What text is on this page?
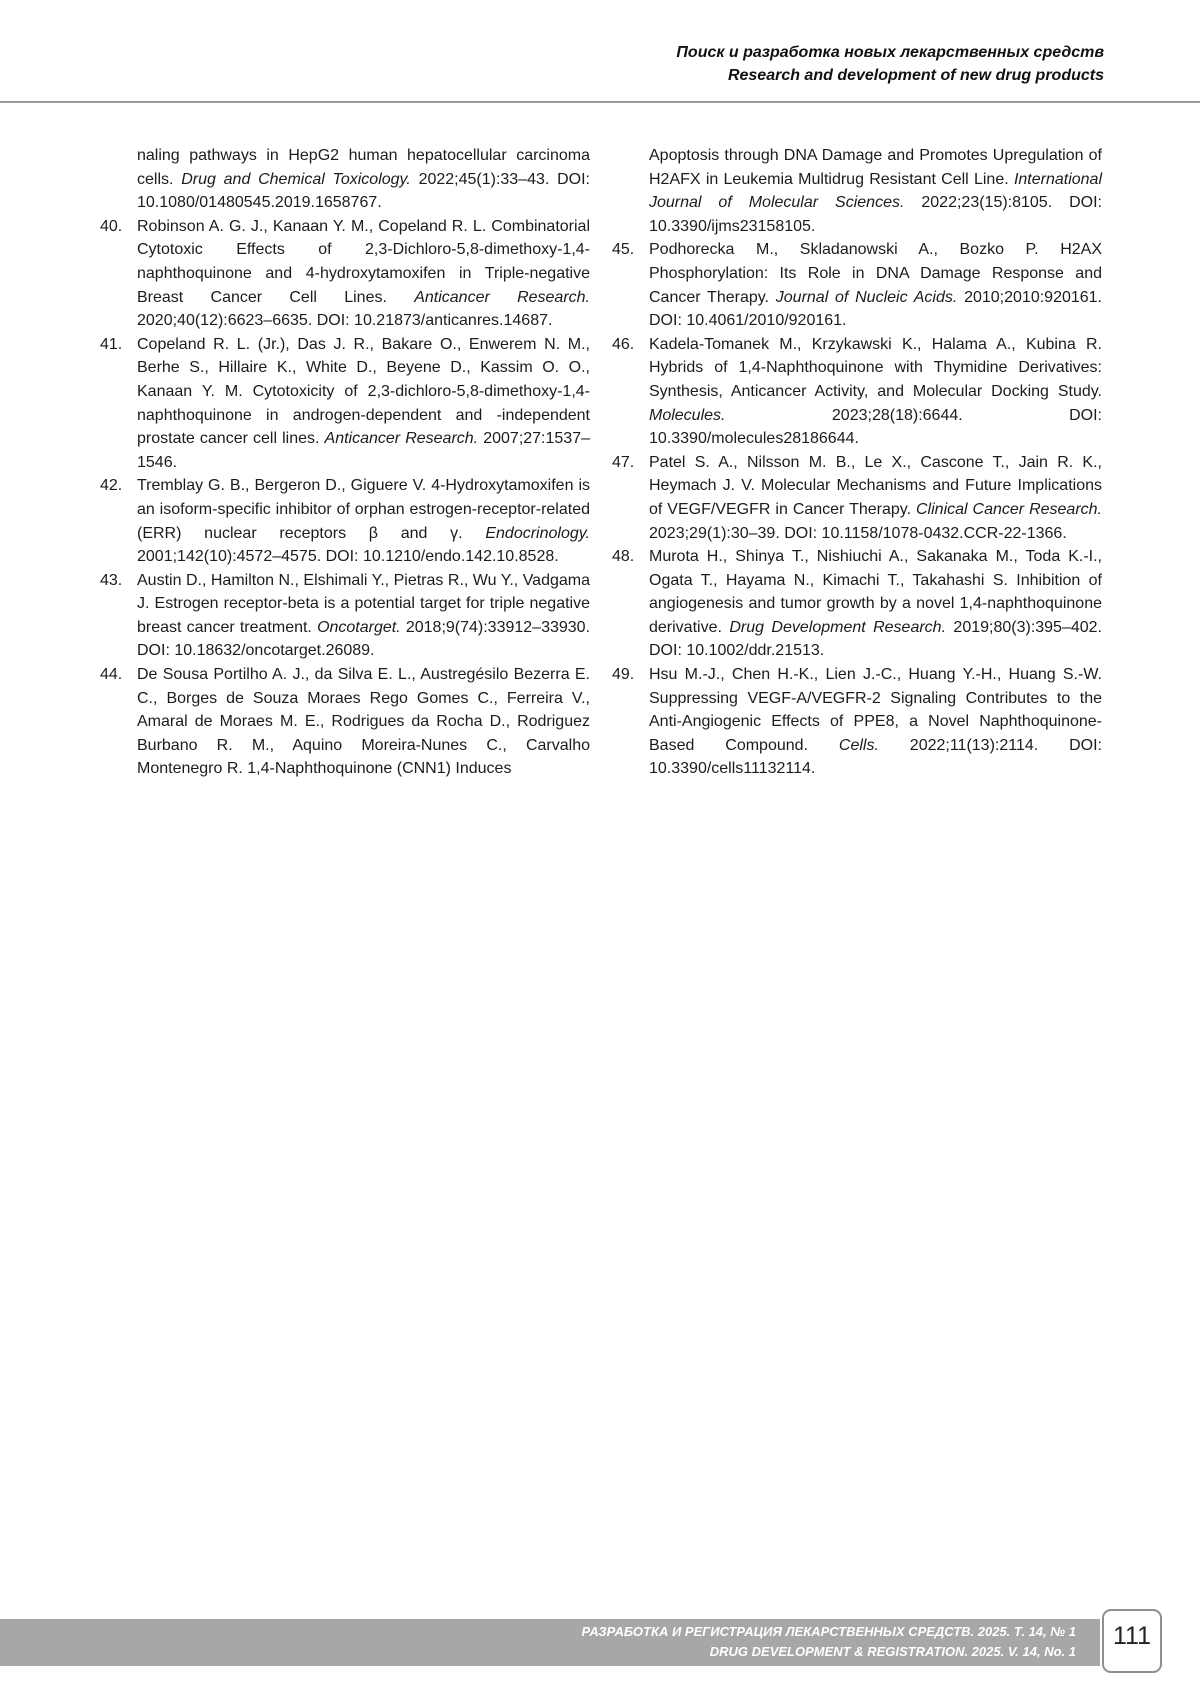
Поиск и разработка новых лекарственных средств
Research and development of new drug products
naling pathways in HepG2 human hepatocellular carcinoma cells. Drug and Chemical Toxicology. 2022;45(1):33–43. DOI: 10.1080/01480545.2019.1658767.
40. Robinson A. G. J., Kanaan Y. M., Copeland R. L. Combinatorial Cytotoxic Effects of 2,3-Dichloro-5,8-dimethoxy-1,4-naphthoquinone and 4-hydroxytamoxifen in Triple-negative Breast Cancer Cell Lines. Anticancer Research. 2020;40(12):6623–6635. DOI: 10.21873/anticanres.14687.
41. Copeland R. L. (Jr.), Das J. R., Bakare O., Enwerem N. M., Berhe S., Hillaire K., White D., Beyene D., Kassim O. O., Kanaan Y. M. Cytotoxicity of 2,3-dichloro-5,8-dimethoxy-1,4-naphthoquinone in androgen-dependent and -independent prostate cancer cell lines. Anticancer Research. 2007;27:1537–1546.
42. Tremblay G. B., Bergeron D., Giguere V. 4-Hydroxytamoxifen is an isoform-specific inhibitor of orphan estrogen-receptor-related (ERR) nuclear receptors β and γ. Endocrinology. 2001;142(10):4572–4575. DOI: 10.1210/endo.142.10.8528.
43. Austin D., Hamilton N., Elshimali Y., Pietras R., Wu Y., Vadgama J. Estrogen receptor-beta is a potential target for triple negative breast cancer treatment. Oncotarget. 2018;9(74):33912–33930. DOI: 10.18632/oncotarget.26089.
44. De Sousa Portilho A. J., da Silva E. L., Austregésilo Bezerra E. C., Borges de Souza Moraes Rego Gomes C., Ferreira V., Amaral de Moraes M. E., Rodrigues da Rocha D., Rodriguez Burbano R. M., Aquino Moreira-Nunes C., Carvalho Montenegro R. 1,4-Naphthoquinone (CNN1) Induces
Apoptosis through DNA Damage and Promotes Upregulation of H2AFX in Leukemia Multidrug Resistant Cell Line. International Journal of Molecular Sciences. 2022;23(15):8105. DOI: 10.3390/ijms23158105.
45. Podhorecka M., Skladanowski A., Bozko P. H2AX Phosphorylation: Its Role in DNA Damage Response and Cancer Therapy. Journal of Nucleic Acids. 2010;2010:920161. DOI: 10.4061/2010/920161.
46. Kadela-Tomanek M., Krzykawski K., Halama A., Kubina R. Hybrids of 1,4-Naphthoquinone with Thymidine Derivatives: Synthesis, Anticancer Activity, and Molecular Docking Study. Molecules. 2023;28(18):6644. DOI: 10.3390/molecules28186644.
47. Patel S. A., Nilsson M. B., Le X., Cascone T., Jain R. K., Heymach J. V. Molecular Mechanisms and Future Implications of VEGF/VEGFR in Cancer Therapy. Clinical Cancer Research. 2023;29(1):30–39. DOI: 10.1158/1078-0432.CCR-22-1366.
48. Murota H., Shinya T., Nishiuchi A., Sakanaka M., Toda K.-I., Ogata T., Hayama N., Kimachi T., Takahashi S. Inhibition of angiogenesis and tumor growth by a novel 1,4-naphthoquinone derivative. Drug Development Research. 2019;80(3):395–402. DOI: 10.1002/ddr.21513.
49. Hsu M.-J., Chen H.-K., Lien J.-C., Huang Y.-H., Huang S.-W. Suppressing VEGF-A/VEGFR-2 Signaling Contributes to the Anti-Angiogenic Effects of PPE8, a Novel Naphthoquinone-Based Compound. Cells. 2022;11(13):2114. DOI: 10.3390/cells11132114.
РАЗРАБОТКА И РЕГИСТРАЦИЯ ЛЕКАРСТВЕННЫХ СРЕДСТВ. 2025. Т. 14, № 1
DRUG DEVELOPMENT & REGISTRATION. 2025. V. 14, No. 1
111
